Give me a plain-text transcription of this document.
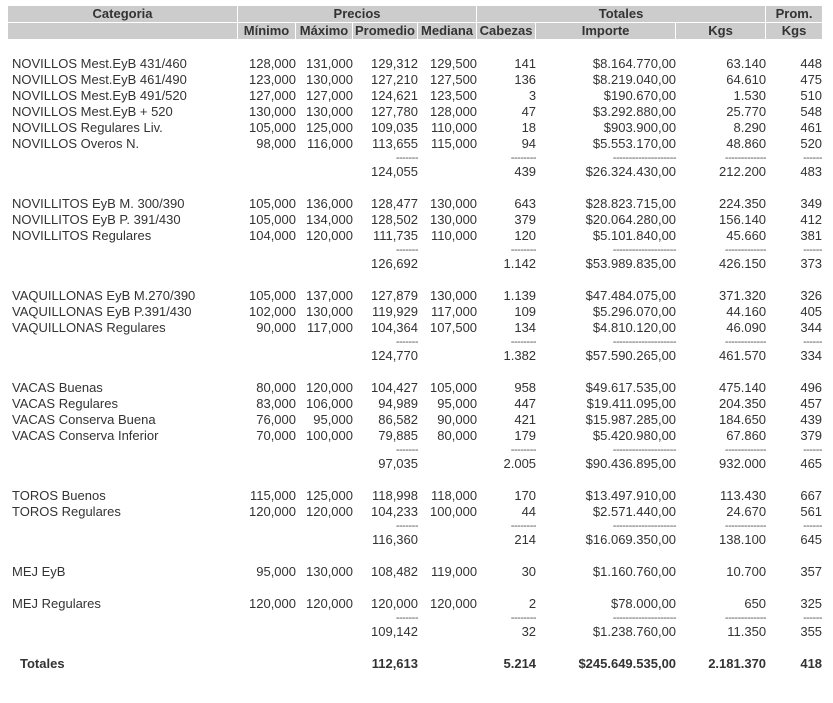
Categoria	Precios				Totales			Prom.
	Mínimo	Máximo	Promedio	Mediana	Cabezas	Importe	Kgs	Kgs

NOVILLOS Mest.EyB 431/460	128,000	131,000	129,312	129,500	141	$8.164.770,00	63.140	448
NOVILLOS Mest.EyB 461/490	123,000	130,000	127,210	127,500	136	$8.219.040,00	64.610	475
NOVILLOS Mest.EyB 491/520	127,000	127,000	124,621	123,500	3	$190.670,00	1.530	510
NOVILLOS Mest.EyB + 520	130,000	130,000	127,780	128,000	47	$3.292.880,00	25.770	548
NOVILLOS Regulares Liv.	105,000	125,000	109,035	110,000	18	$903.900,00	8.290	461
NOVILLOS Overos N.	98,000	116,000	113,655	115,000	94	$5.553.170,00	48.860	520
			-------		--------	--------------------	-------------	------
			124,055		439	$26.324.430,00	212.200	483

NOVILLITOS EyB M. 300/390	105,000	136,000	128,477	130,000	643	$28.823.715,00	224.350	349
NOVILLITOS EyB P. 391/430	105,000	134,000	128,502	130,000	379	$20.064.280,00	156.140	412
NOVILLITOS Regulares	104,000	120,000	111,735	110,000	120	$5.101.840,00	45.660	381
			-------		--------	--------------------	-------------	------
			126,692		1.142	$53.989.835,00	426.150	373

VAQUILLONAS EyB M.270/390	105,000	137,000	127,879	130,000	1.139	$47.484.075,00	371.320	326
VAQUILLONAS EyB P.391/430	102,000	130,000	119,929	117,000	109	$5.296.070,00	44.160	405
VAQUILLONAS Regulares	90,000	117,000	104,364	107,500	134	$4.810.120,00	46.090	344
			-------		--------	--------------------	-------------	------
			124,770		1.382	$57.590.265,00	461.570	334

VACAS Buenas	80,000	120,000	104,427	105,000	958	$49.617.535,00	475.140	496
VACAS Regulares	83,000	106,000	94,989	95,000	447	$19.411.095,00	204.350	457
VACAS Conserva Buena	76,000	95,000	86,582	90,000	421	$15.987.285,00	184.650	439
VACAS Conserva Inferior	70,000	100,000	79,885	80,000	179	$5.420.980,00	67.860	379
			-------		--------	--------------------	-------------	------
			97,035		2.005	$90.436.895,00	932.000	465

TOROS Buenos	115,000	125,000	118,998	118,000	170	$13.497.910,00	113.430	667
TOROS Regulares	120,000	120,000	104,233	100,000	44	$2.571.440,00	24.670	561
			-------		--------	--------------------	-------------	------
			116,360		214	$16.069.350,00	138.100	645

MEJ EyB	95,000	130,000	108,482	119,000	30	$1.160.760,00	10.700	357

MEJ Regulares	120,000	120,000	120,000	120,000	2	$78.000,00	650	325
			-------		--------	--------------------	-------------	------
			109,142		32	$1.238.760,00	11.350	355

Totales			112,613		5.214	$245.649.535,00	2.181.370	418
